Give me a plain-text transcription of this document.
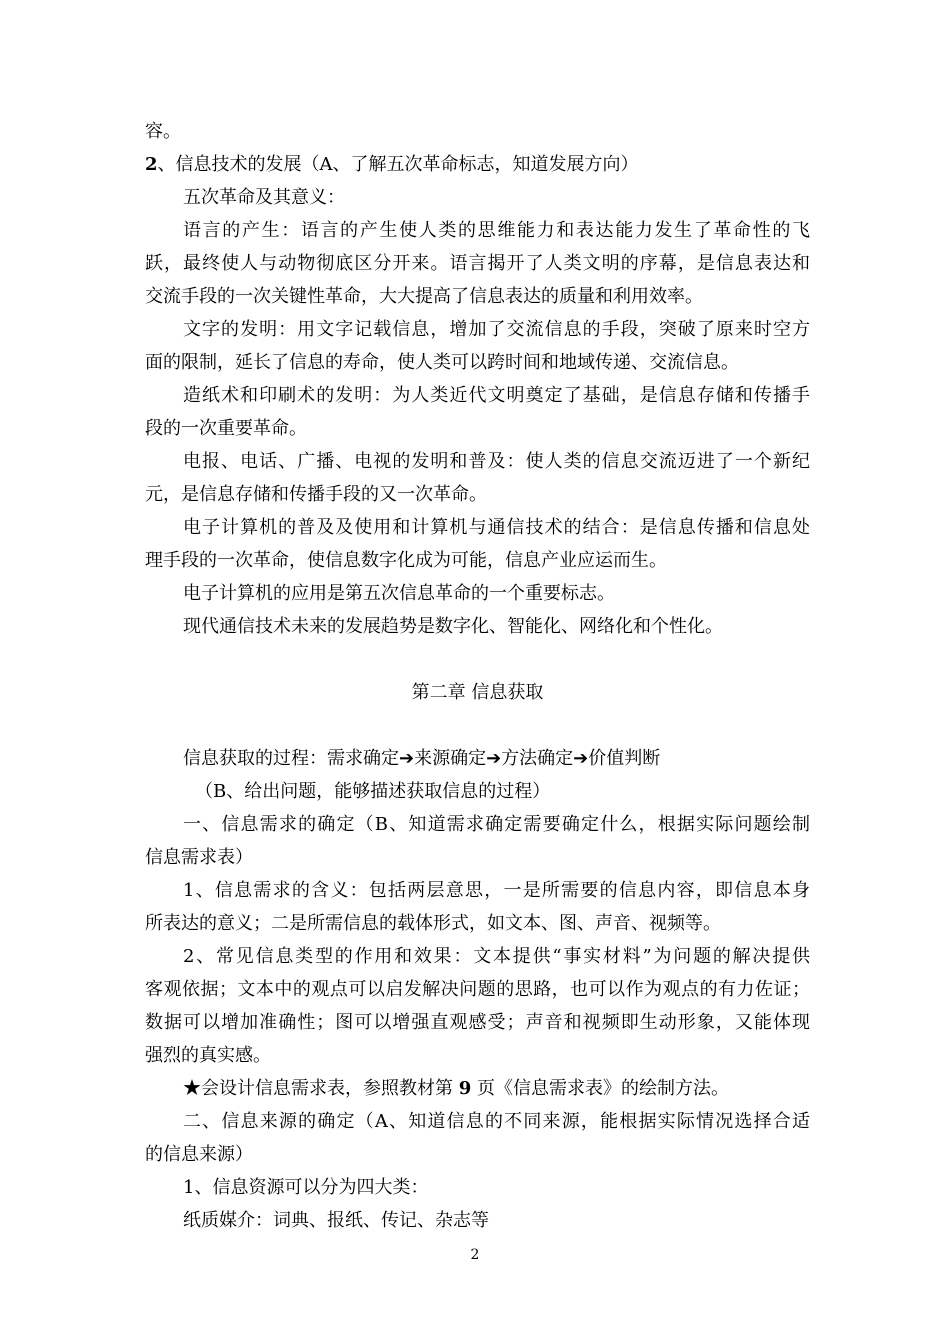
容。
2、信息技术的发展（A、了解五次革命标志，知道发展方向）
五次革命及其意义：
语言的产生：语言的产生使人类的思维能力和表达能力发生了革命性的飞
跃，最终使人与动物彻底区分开来。语言揭开了人类文明的序幕，是信息表达和
交流手段的一次关键性革命，大大提高了信息表达的质量和利用效率。
文字的发明：用文字记载信息，增加了交流信息的手段，突破了原来时空方
面的限制，延长了信息的寿命，使人类可以跨时间和地域传递、交流信息。
造纸术和印刷术的发明：为人类近代文明奠定了基础，是信息存储和传播手
段的一次重要革命。
电报、电话、广播、电视的发明和普及：使人类的信息交流迈进了一个新纪
元，是信息存储和传播手段的又一次革命。
电子计算机的普及及使用和计算机与通信技术的结合：是信息传播和信息处
理手段的一次革命，使信息数字化成为可能，信息产业应运而生。
电子计算机的应用是第五次信息革命的一个重要标志。
现代通信技术未来的发展趋势是数字化、智能化、网络化和个性化。
第二章 信息获取
信息获取的过程：需求确定➔来源确定➔方法确定➔价值判断
（B、给出问题，能够描述获取信息的过程）
一、信息需求的确定（B、知道需求确定需要确定什么，根据实际问题绘制
信息需求表）
1、信息需求的含义：包括两层意思，一是所需要的信息内容，即信息本身
所表达的意义；二是所需信息的载体形式，如文本、图、声音、视频等。
2、常见信息类型的作用和效果：文本提供“事实材料”为问题的解决提供
客观依据；文本中的观点可以启发解决问题的思路，也可以作为观点的有力佐证；
数据可以增加准确性；图可以增强直观感受；声音和视频即生动形象，又能体现
强烈的真实感。
★会设计信息需求表，参照教材第 9 页《信息需求表》的绘制方法。
二、信息来源的确定（A、知道信息的不同来源，能根据实际情况选择合适
的信息来源）
1、信息资源可以分为四大类：
纸质媒介：词典、报纸、传记、杂志等
2
